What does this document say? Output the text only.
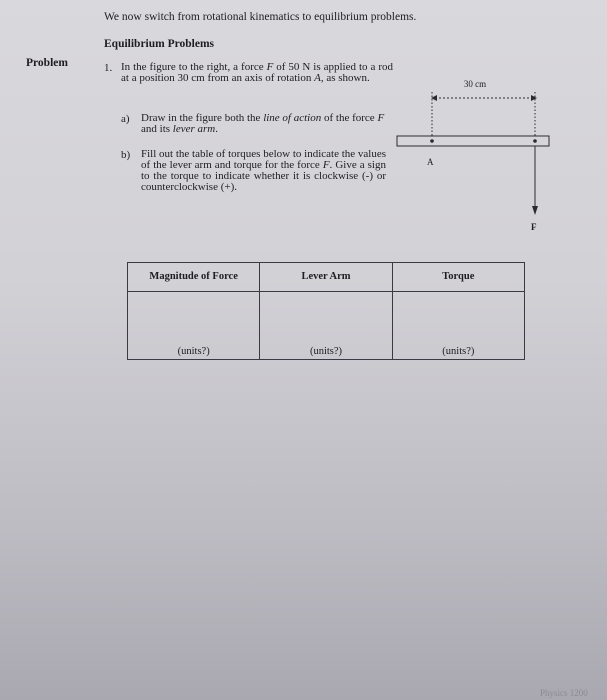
We now switch from rotational kinematics to equilibrium problems.
Equilibrium Problems
Problem	1. In the figure to the right, a force F of 50 N is applied to a rod at a position 30 cm from an axis of rotation A, as shown.
a) Draw in the figure both the line of action of the force F and its lever arm.
b) Fill out the table of torques below to indicate the values of the lever arm and torque for the force F. Give a sign to the torque to indicate whether it is clockwise (-) or counterclockwise (+).
30 cm
A
F
Magnitude of Force	Lever Arm	Torque
(units?)	(units?)	(units?)
Physics 1200
